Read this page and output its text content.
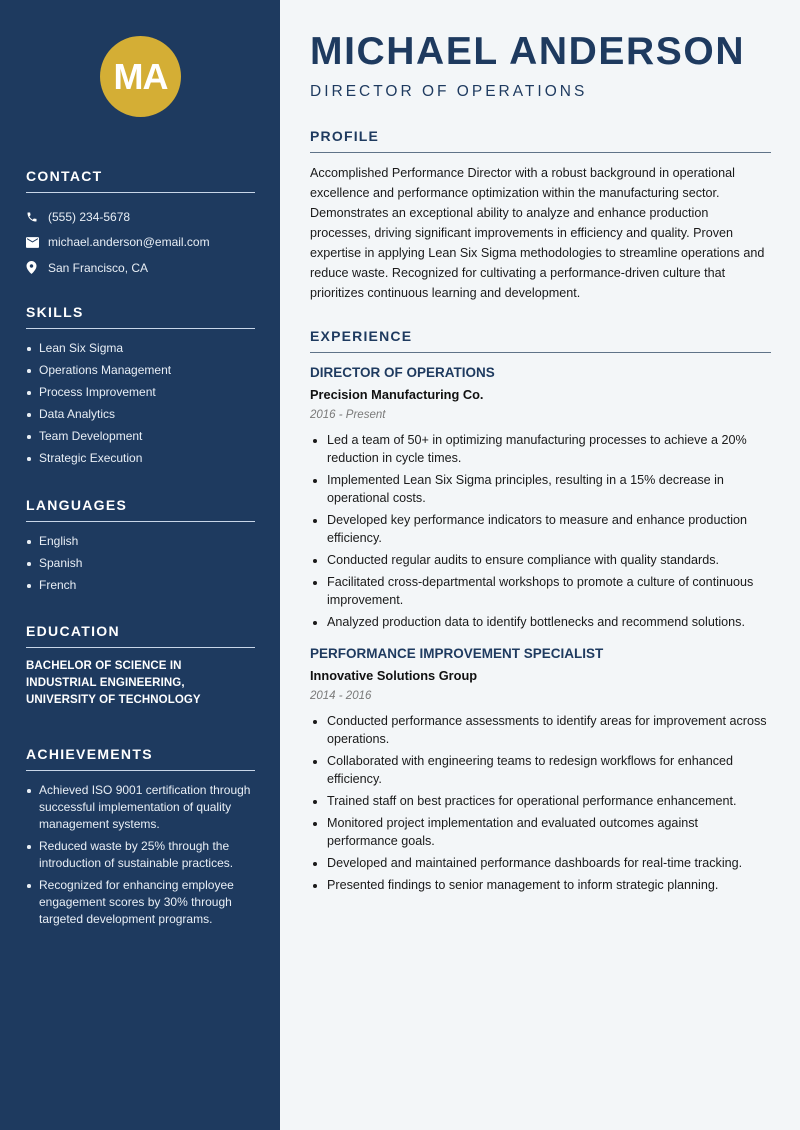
MA
CONTACT
(555) 234-5678
michael.anderson@email.com
San Francisco, CA
SKILLS
Lean Six Sigma
Operations Management
Process Improvement
Data Analytics
Team Development
Strategic Execution
LANGUAGES
English
Spanish
French
EDUCATION

BACHELOR OF SCIENCE IN INDUSTRIAL ENGINEERING, UNIVERSITY OF TECHNOLOGY

ACHIEVEMENTS
Achieved ISO 9001 certification through successful implementation of quality management systems.
Reduced waste by 25% through the introduction of sustainable practices.
Recognized for enhancing employee engagement scores by 30% through targeted development programs.
MICHAEL ANDERSON
DIRECTOR OF OPERATIONS
PROFILE

Accomplished Performance Director with a robust background in operational excellence and performance optimization within the manufacturing sector. Demonstrates an exceptional ability to analyze and enhance production processes, driving significant improvements in efficiency and quality. Proven expertise in applying Lean Six Sigma methodologies to streamline operations and reduce waste. Recognized for cultivating a performance-driven culture that prioritizes continuous learning and development.

EXPERIENCE
DIRECTOR OF OPERATIONS
Precision Manufacturing Co.
2016 - Present
Led a team of 50+ in optimizing manufacturing processes to achieve a 20% reduction in cycle times.
Implemented Lean Six Sigma principles, resulting in a 15% decrease in operational costs.
Developed key performance indicators to measure and enhance production efficiency.
Conducted regular audits to ensure compliance with quality standards.
Facilitated cross-departmental workshops to promote a culture of continuous improvement.
Analyzed production data to identify bottlenecks and recommend solutions.
PERFORMANCE IMPROVEMENT SPECIALIST
Innovative Solutions Group
2014 - 2016
Conducted performance assessments to identify areas for improvement across operations.
Collaborated with engineering teams to redesign workflows for enhanced efficiency.
Trained staff on best practices for operational performance enhancement.
Monitored project implementation and evaluated outcomes against performance goals.
Developed and maintained performance dashboards for real-time tracking.
Presented findings to senior management to inform strategic planning.
